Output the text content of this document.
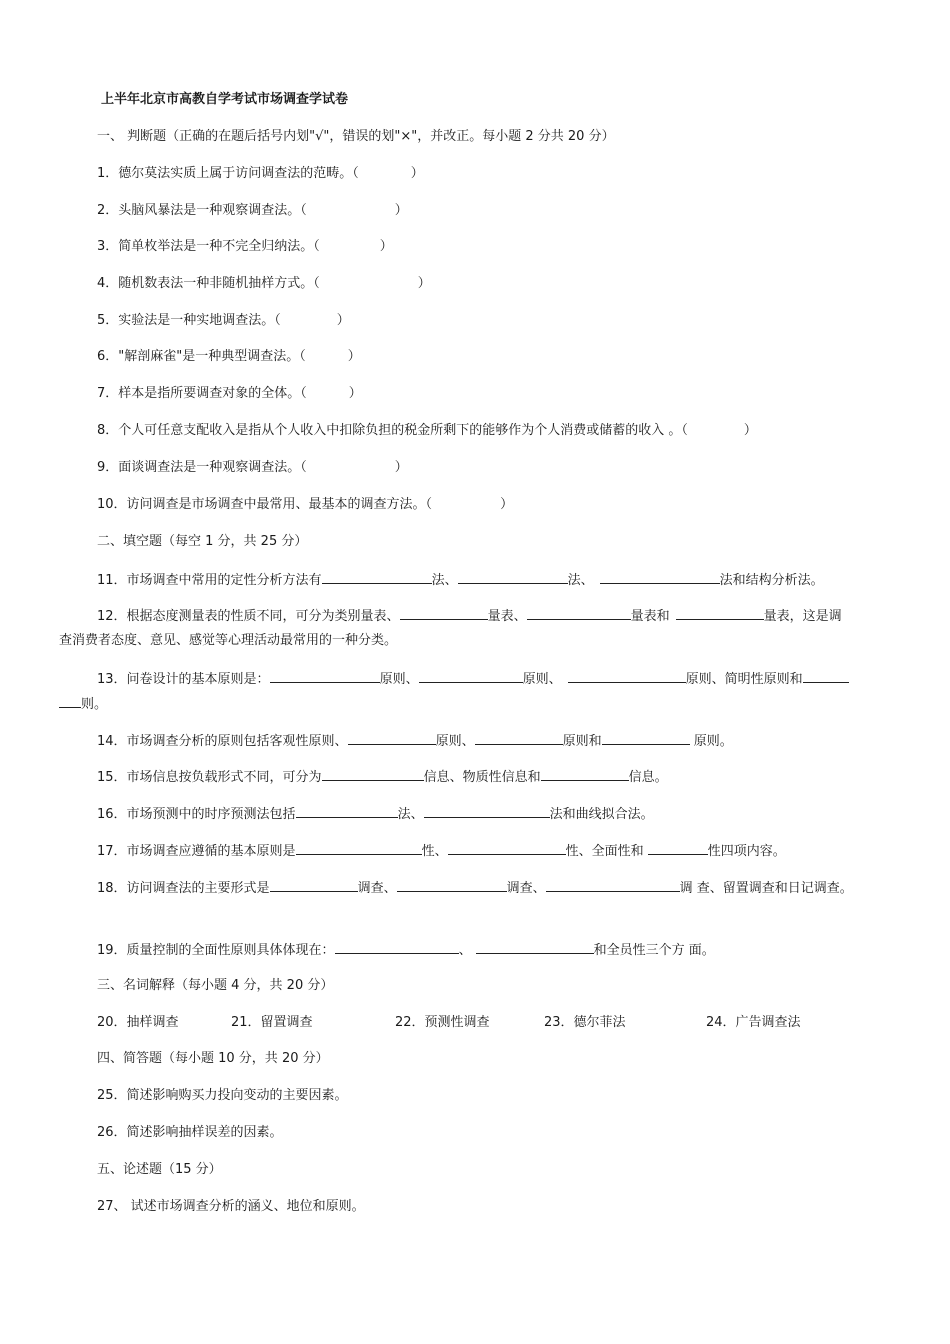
上半年北京市高教自学考试市场调查学试卷
一、 判断题（正确的在题后括号内划"√"，错误的划"×"，并改正。每小题 2 分共 20 分）
1．德尔莫法实质上属于访问调查法的范畴。（	）
2．头脑风暴法是一种观察调查法。（	）
3．简单枚举法是一种不完全归纳法。（	）
4．随机数表法一种非随机抽样方式。（	）
5．实验法是一种实地调查法。（	）
6．"解剖麻雀"是一种典型调查法。（	）
7．样本是指所要调查对象的全体。（	）
8．个人可任意支配收入是指从个人收入中扣除负担的税金所剩下的能够作为个人消费或储蓄的收入 。（	）
9．面谈调查法是一种观察调查法。（	）
10．访问调查是市场调查中最常用、最基本的调查方法。（	）
二、填空题（每空 1 分，共 25 分）
11．市场调查中常用的定性分析方法有	法、	法、	法和结构分析法。
12．根据态度测量表的性质不同，可分为类别量表、	量表、	量表和	量表，这是调
查消费者态度、意见、感觉等心理活动最常用的一种分类。
13．问卷设计的基本原则是：	原则、	原则、	原则、简明性原则和
则。
14．市场调查分析的原则包括客观性原则、	原则、	原则和	原则。
15．市场信息按负载形式不同，可分为	信息、物质性信息和	信息。
16．市场预测中的时序预测法包括	法、	法和曲线拟合法。
17．市场调查应遵循的基本原则是	性、	性、全面性和	性四项内容。
18．访问调查法的主要形式是	调查、	调查、	调 查、留置调查和日记调查。
19．质量控制的全面性原则具体体现在：	、	和全员性三个方 面。
三、名词解释（每小题 4 分，共 20 分）
20．抽样调查	21．留置调查	22．预测性调查	23．德尔菲法	24．广告调查法
四、简答题（每小题 10 分，共 20 分）
25．简述影响购买力投向变动的主要因素。
26．简述影响抽样误差的因素。
五、论述题（15 分）
27、 试述市场调查分析的涵义、地位和原则。
